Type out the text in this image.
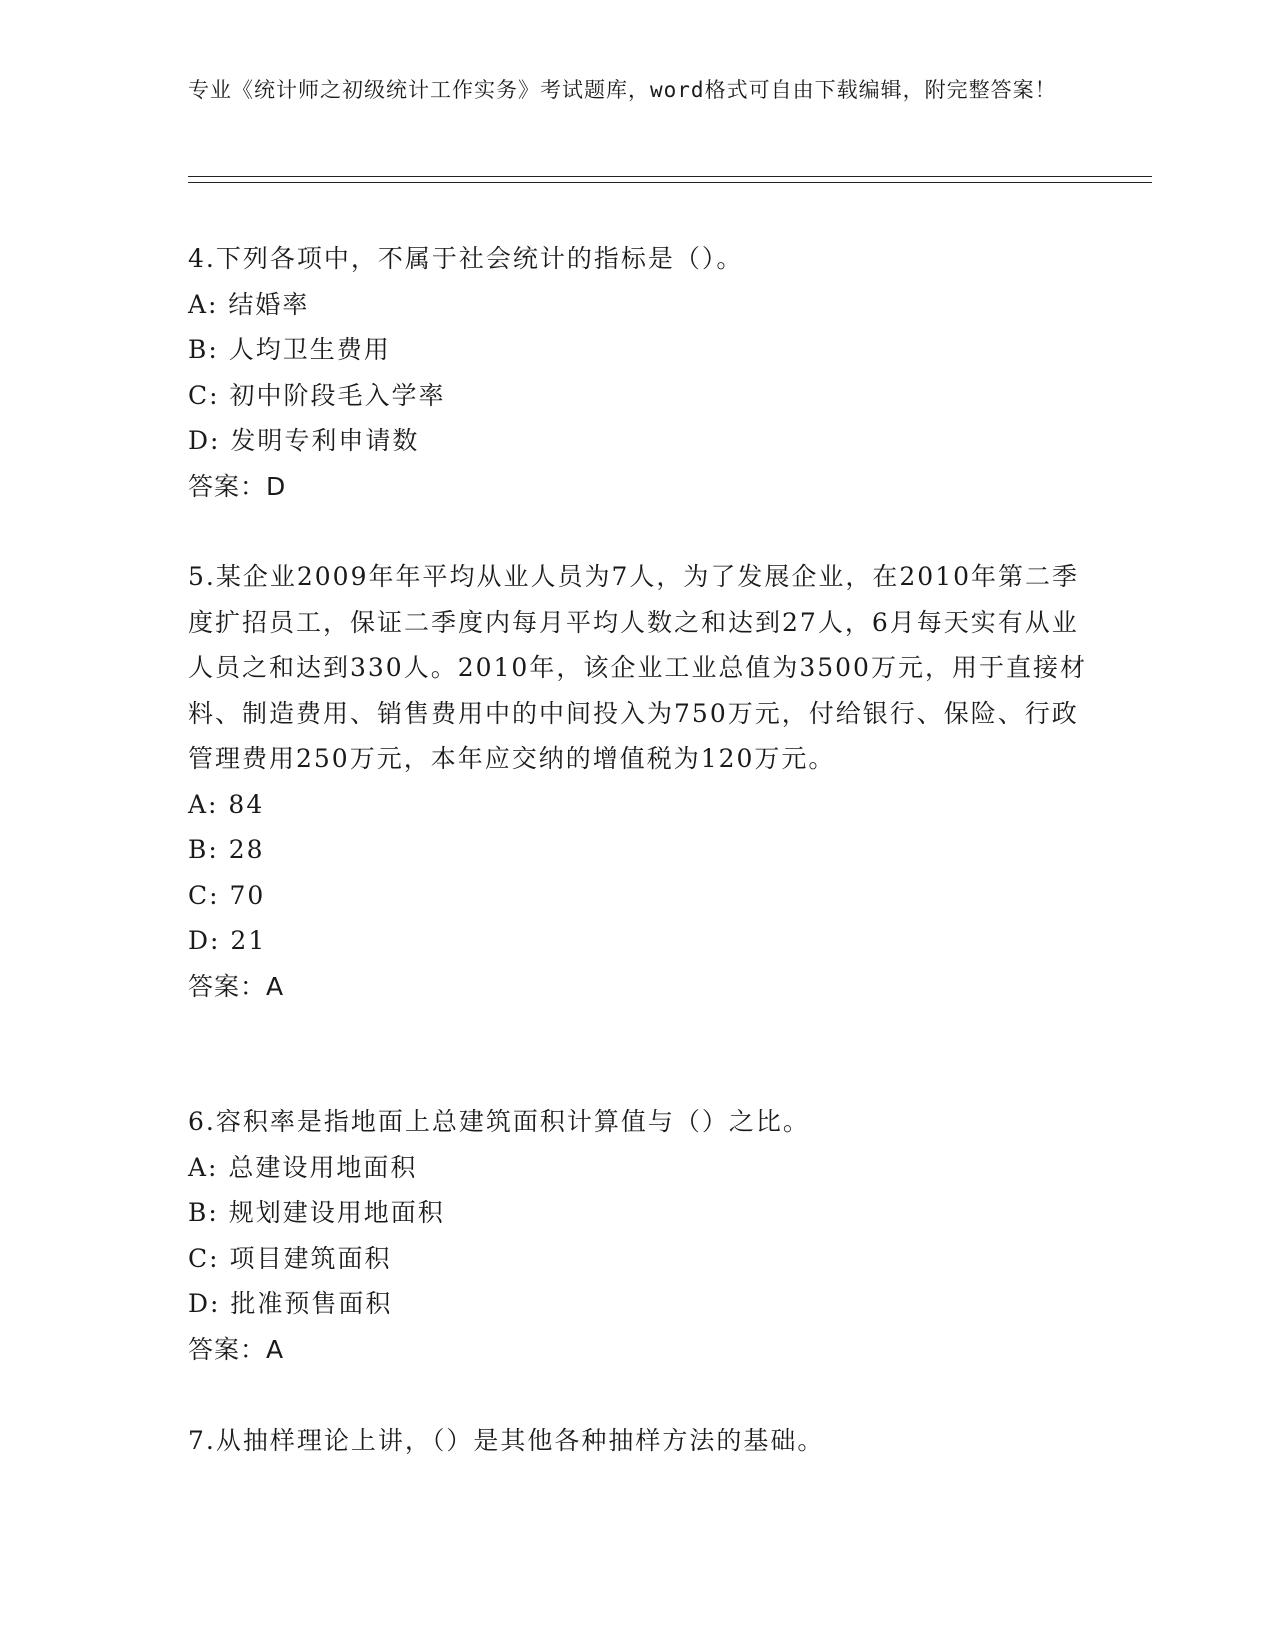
专业《统计师之初级统计工作实务》考试题库，word格式可自由下载编辑，附完整答案！

4.下列各项中，不属于社会统计的指标是（）。

A: 结婚率

B: 人均卫生费用

C: 初中阶段毛入学率

D: 发明专利申请数

答案：D

5.某企业2009年年平均从业人员为7人，为了发展企业，在2010年第二季度扩招员工，保证二季度内每月平均人数之和达到27人，6月每天实有从业人员之和达到330人。2010年，该企业工业总值为3500万元，用于直接材料、制造费用、销售费用中的中间投入为750万元，付给银行、保险、行政管理费用250万元，本年应交纳的增值税为120万元。

A: 84

B: 28

C: 70

D: 21

答案：A

6.容积率是指地面上总建筑面积计算值与（）之比。

A: 总建设用地面积

B: 规划建设用地面积

C: 项目建筑面积

D: 批准预售面积

答案：A

7.从抽样理论上讲，（）是其他各种抽样方法的基础。
